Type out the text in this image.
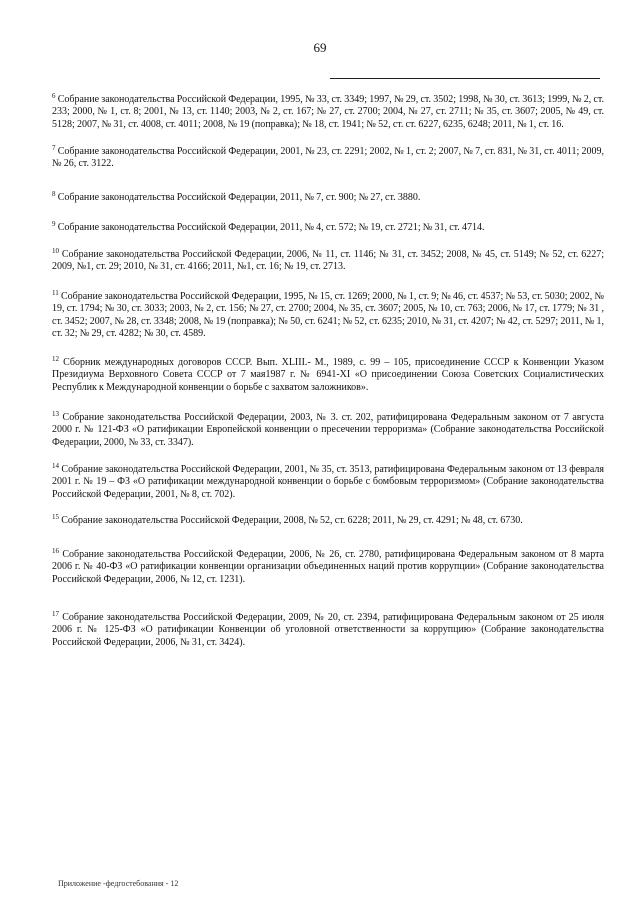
69

$^6$ Собрание законодательства Российской Федерации, 1995, № 33, ст. 3349; 1997, № 29, ст. 3502; 1998, № 30, ст. 3613; 1999, № 2, ст. 233; 2000, № 1, ст. 8; 2001, № 13, ст. 1140; 2003, № 2, ст. 167; № 27, ст. 2700; 2004, № 27, ст. 2711; № 35, ст. 3607; 2005, № 49, ст. 5128; 2007, № 31, ст. 4008, ст. 4011; 2008, № 19 (поправка); № 18, ст. 1941; № 52, ст. ст. 6227, 6235, 6248; 2011, № 1, ст. 16.

$^7$ Собрание законодательства Российской Федерации, 2001, № 23, ст. 2291; 2002, № 1, ст. 2; 2007, № 7, ст. 831, № 31, ст. 4011; 2009, № 26, ст. 3122.

$^8$ Собрание законодательства Российской Федерации, 2011, № 7, ст. 900; № 27, ст. 3880.

$^9$ Собрание законодательства Российской Федерации, 2011, № 4, ст. 572; № 19, ст. 2721; № 31, ст. 4714.

$^{10}$ Собрание законодательства Российской Федерации, 2006, № 11, ст. 1146; № 31, ст. 3452; 2008, № 45, ст. 5149; № 52, ст. 6227; 2009, №1, ст. 29; 2010, № 31, ст. 4166; 2011, №1, ст. 16; № 19, ст. 2713.

$^{11}$ Собрание законодательства Российской Федерации, 1995, № 15, ст. 1269; 2000, № 1, ст. 9; № 46, ст. 4537; № 53, ст. 5030; 2002, № 19, ст. 1794; № 30, ст. 3033; 2003, № 2, ст. 156; № 27, ст. 2700; 2004, № 35, ст. 3607; 2005, № 10, ст. 763; 2006, № 17, ст. 1779; № 31 , ст. 3452; 2007, № 28, ст. 3348; 2008, № 19 (поправка); № 50, ст. 6241; № 52, ст. 6235; 2010, № 31, ст. 4207; № 42, ст. 5297; 2011, № 1, ст. 32; № 29, ст. 4282; № 30, ст. 4589.

$^{12}$ Сборник международных договоров СССР. Вып. XLIII.- М., 1989, с. 99 – 105, присоединение СССР к Конвенции Указом Президиума Верховного Совета СССР от 7 мая1987 г. № 6941-XI «О присоединении Союза Советских Социалистических Республик к Международной конвенции о борьбе с захватом заложников».

$^{13}$ Собрание законодательства Российской Федерации, 2003, № 3. ст. 202, ратифицирована Федеральным законом от 7 августа 2000 г. № 121-ФЗ «О ратификации Европейской конвенции о пресечении терроризма» (Собрание законодательства Российской Федерации, 2000, № 33, ст. 3347).

$^{14}$ Собрание законодательства Российской Федерации, 2001, № 35, ст. 3513, ратифицирована Федеральным законом от 13 февраля 2001 г. № 19 – ФЗ «О ратификации международной конвенции о борьбе с бомбовым терроризмом» (Собрание законодательства Российской Федерации, 2001, № 8, ст. 702).

$^{15}$ Собрание законодательства Российской Федерации, 2008, № 52, ст. 6228; 2011, № 29, ст. 4291; № 48, ст. 6730.

$^{16}$ Собрание законодательства Российской Федерации, 2006, № 26, ст. 2780, ратифицирована Федеральным законом от 8 марта 2006 г. № 40-ФЗ «О ратификации конвенции организации объединенных наций против коррупции» (Собрание законодательства Российской Федерации, 2006, № 12, ст. 1231).

$^{17}$ Собрание законодательства Российской Федерации, 2009, № 20, ст. 2394, ратифицирована Федеральным законом от 25 июля 2006 г. № 125-ФЗ «О ратификации Конвенции об уголовной ответственности за коррупцию» (Собрание законодательства Российской Федерации, 2006, № 31, ст. 3424).

Приложение -федгостебования - 12
